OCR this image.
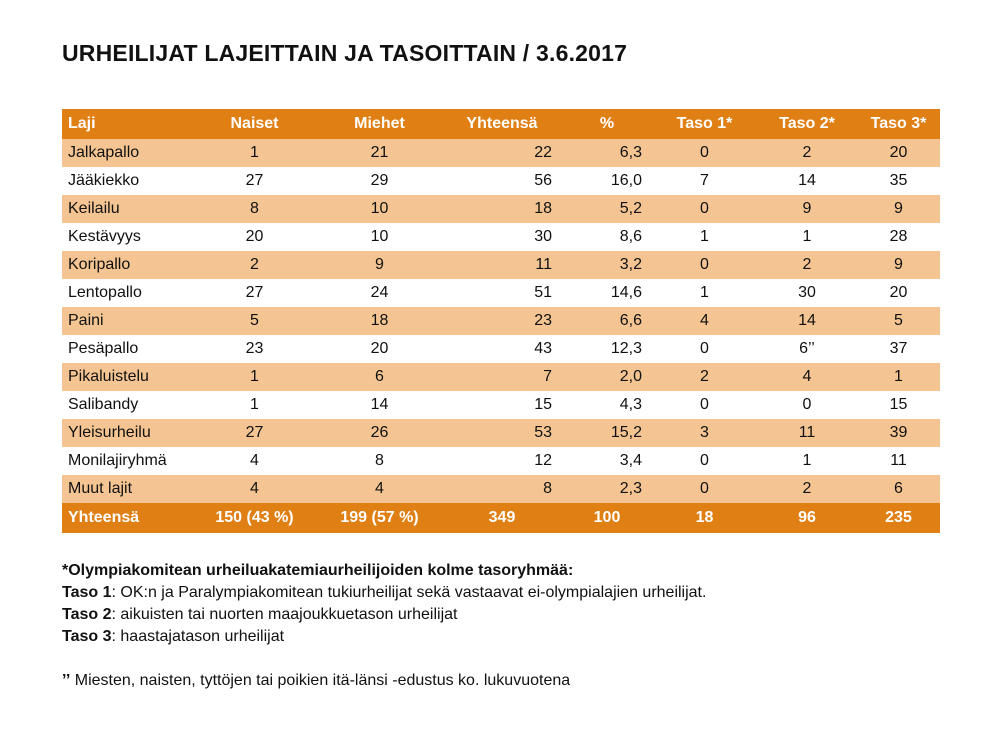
URHEILIJAT LAJEITTAIN JA TASOITTAIN / 3.6.2017
Laji	Naiset	Miehet	Yhteensä	%	Taso 1*	Taso 2*	Taso 3*
Jalkapallo	1	21	22	6,3	0	2	20
Jääkiekko	27	29	56	16,0	7	14	35
Keilailu	8	10	18	5,2	0	9	9
Kestävyys	20	10	30	8,6	1	1	28
Koripallo	2	9	11	3,2	0	2	9
Lentopallo	27	24	51	14,6	1	30	20
Paini	5	18	23	6,6	4	14	5
Pesäpallo	23	20	43	12,3	0	6’’	37
Pikaluistelu	1	6	7	2,0	2	4	1
Salibandy	1	14	15	4,3	0	0	15
Yleisurheilu	27	26	53	15,2	3	11	39
Monilajiryhmä	4	8	12	3,4	0	1	11
Muut lajit	4	4	8	2,3	0	2	6
Yhteensä	150 (43 %)	199 (57 %)	349	100	18	96	235
*Olympiakomitean urheiluakatemiaurheilijoiden kolme tasoryhmää:
Taso 1: OK:n ja Paralympiakomitean tukiurheilijat sekä vastaavat ei-olympialajien urheilijat.
Taso 2: aikuisten tai nuorten maajoukkuetason urheilijat
Taso 3: haastajatason urheilijat
’’ Miesten, naisten, tyttöjen tai poikien itä-länsi -edustus ko. lukuvuotena
